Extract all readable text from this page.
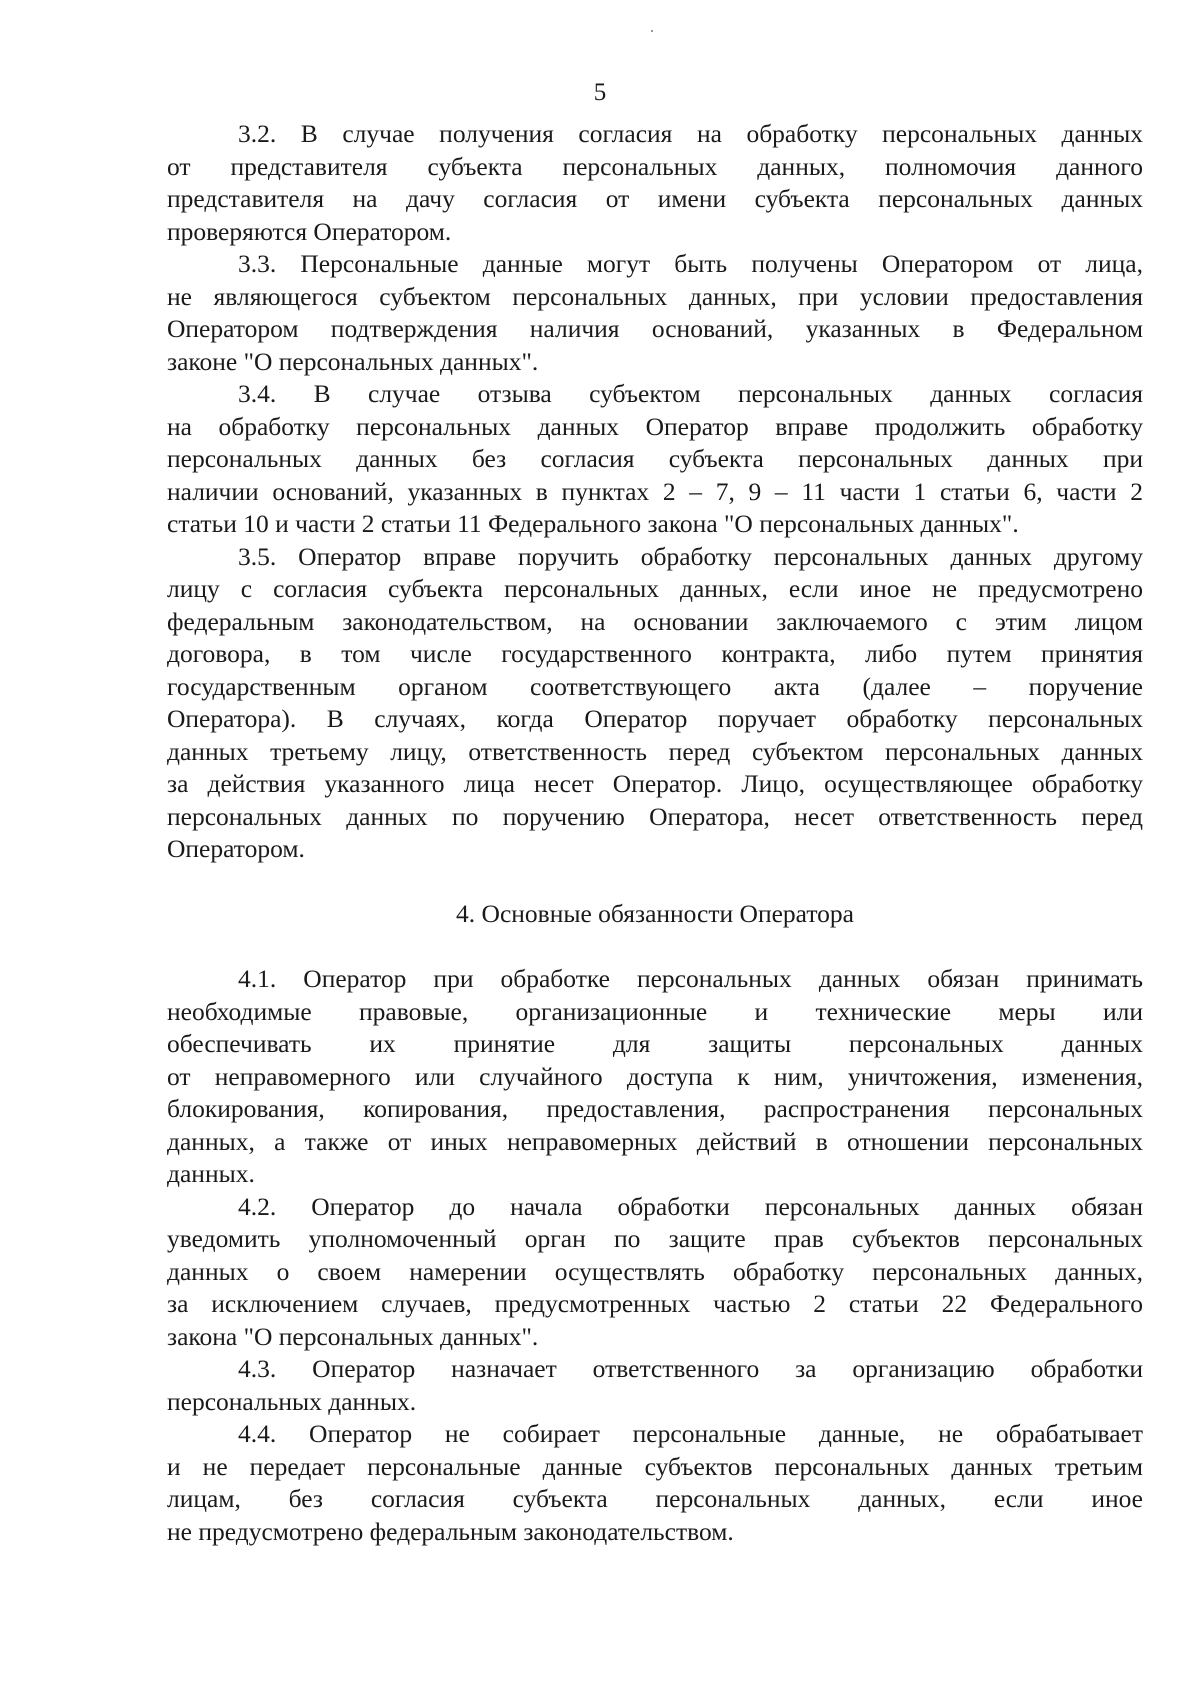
5
3.2. В случае получения согласия на обработку персональных данных
от представителя субъекта персональных данных, полномочия данного
представителя на дачу согласия от имени субъекта персональных данных
проверяются Оператором.
3.3. Персональные данные могут быть получены Оператором от лица,
не являющегося субъектом персональных данных, при условии предоставления
Оператором подтверждения наличия оснований, указанных в Федеральном
законе "О персональных данных".
3.4. В случае отзыва субъектом персональных данных согласия
на обработку персональных данных Оператор вправе продолжить обработку
персональных данных без согласия субъекта персональных данных при
наличии оснований, указанных в пунктах 2 – 7, 9 – 11 части 1 статьи 6, части 2
статьи 10 и части 2 статьи 11 Федерального закона "О персональных данных".
3.5. Оператор вправе поручить обработку персональных данных другому
лицу с согласия субъекта персональных данных, если иное не предусмотрено
федеральным законодательством, на основании заключаемого с этим лицом
договора, в том числе государственного контракта, либо путем принятия
государственным органом соответствующего акта (далее – поручение
Оператора). В случаях, когда Оператор поручает обработку персональных
данных третьему лицу, ответственность перед субъектом персональных данных
за действия указанного лица несет Оператор. Лицо, осуществляющее обработку
персональных данных по поручению Оператора, несет ответственность перед
Оператором.
4. Основные обязанности Оператора
4.1. Оператор при обработке персональных данных обязан принимать
необходимые правовые, организационные и технические меры или
обеспечивать их принятие для защиты персональных данных
от неправомерного или случайного доступа к ним, уничтожения, изменения,
блокирования, копирования, предоставления, распространения персональных
данных, а также от иных неправомерных действий в отношении персональных
данных.
4.2. Оператор до начала обработки персональных данных обязан
уведомить уполномоченный орган по защите прав субъектов персональных
данных о своем намерении осуществлять обработку персональных данных,
за исключением случаев, предусмотренных частью 2 статьи 22 Федерального
закона "О персональных данных".
4.3. Оператор назначает ответственного за организацию обработки
персональных данных.
4.4. Оператор не собирает персональные данные, не обрабатывает
и не передает персональные данные субъектов персональных данных третьим
лицам, без согласия субъекта персональных данных, если иное
не предусмотрено федеральным законодательством.
